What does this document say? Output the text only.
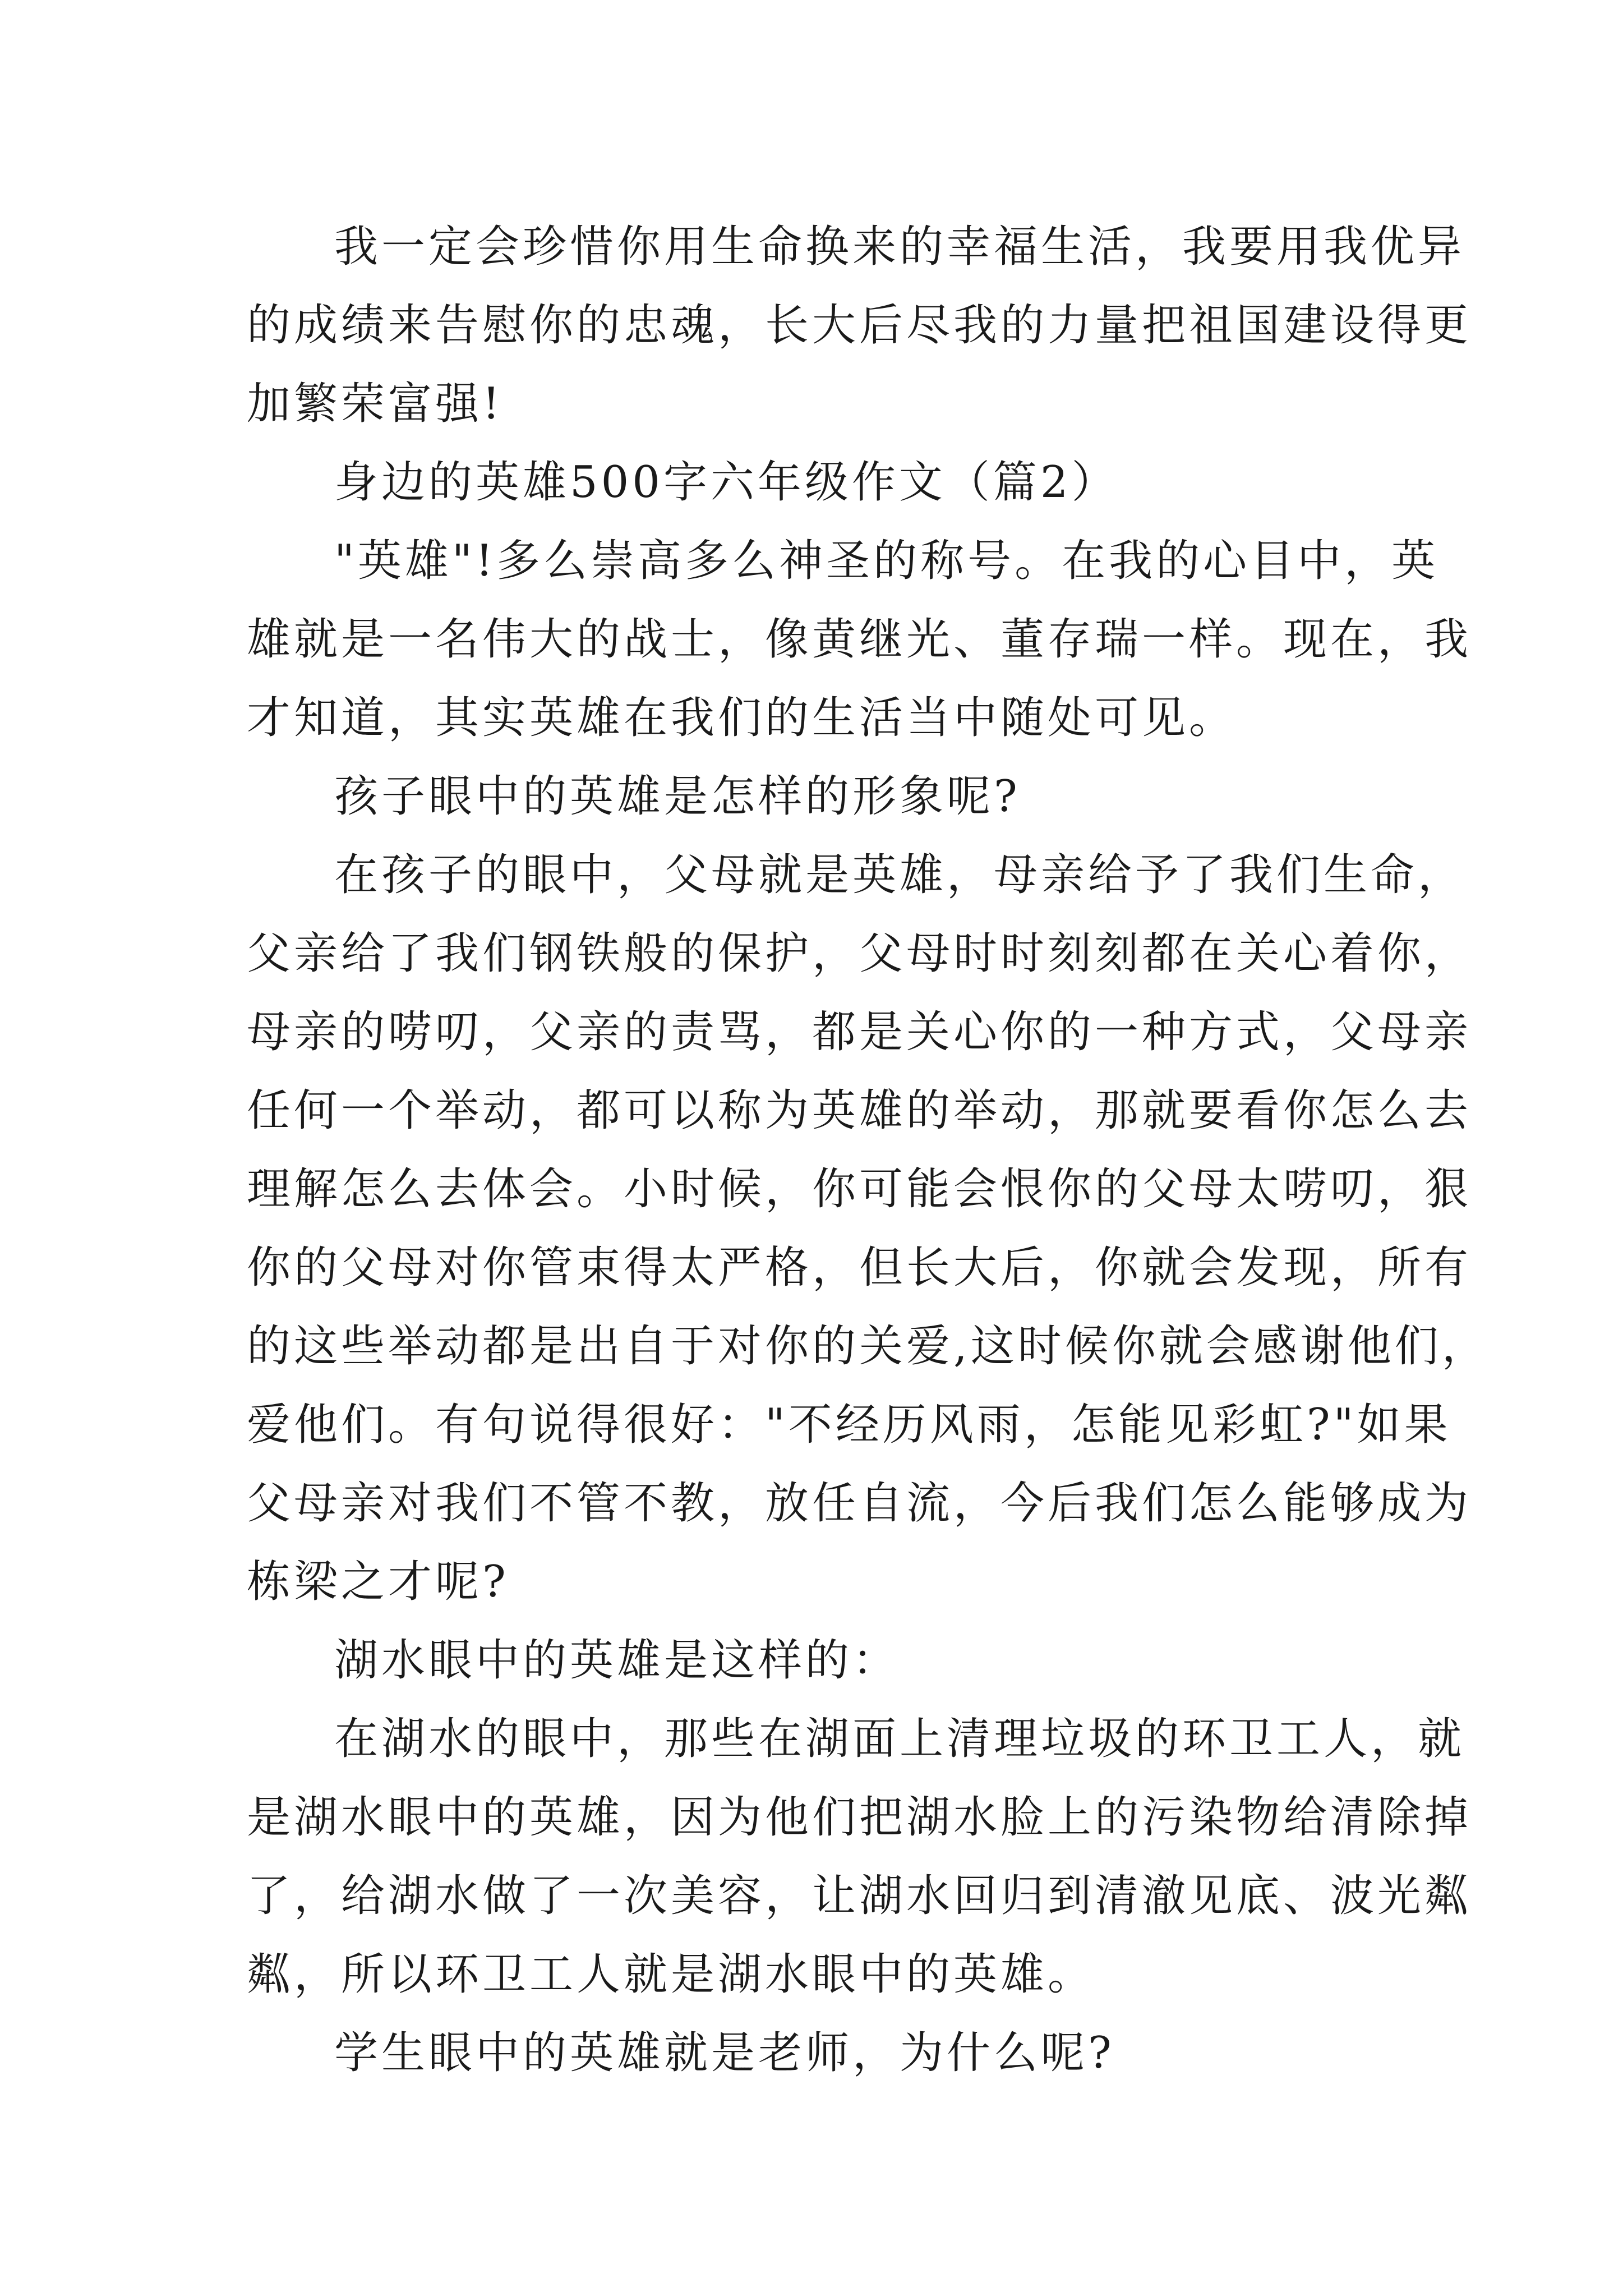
我一定会珍惜你用生命换来的幸福生活，我要用我优异
的成绩来告慰你的忠魂，长大后尽我的力量把祖国建设得更
加繁荣富强!

身边的英雄500字六年级作文（篇2）

"英雄"!多么崇高多么神圣的称号。在我的心目中，英
雄就是一名伟大的战士，像黄继光、董存瑞一样。现在，我
才知道，其实英雄在我们的生活当中随处可见。

孩子眼中的英雄是怎样的形象呢?

在孩子的眼中，父母就是英雄，母亲给予了我们生命，
父亲给了我们钢铁般的保护，父母时时刻刻都在关心着你，
母亲的唠叨，父亲的责骂，都是关心你的一种方式，父母亲
任何一个举动，都可以称为英雄的举动，那就要看你怎么去
理解怎么去体会。小时候，你可能会恨你的父母太唠叨，狠
你的父母对你管束得太严格，但长大后，你就会发现，所有
的这些举动都是出自于对你的关爱,这时候你就会感谢他们，
爱他们。有句说得很好："不经历风雨，怎能见彩虹?"如果
父母亲对我们不管不教，放任自流，今后我们怎么能够成为
栋梁之才呢?

湖水眼中的英雄是这样的：

在湖水的眼中，那些在湖面上清理垃圾的环卫工人，就
是湖水眼中的英雄，因为他们把湖水脸上的污染物给清除掉
了，给湖水做了一次美容，让湖水回归到清澈见底、波光粼
粼，所以环卫工人就是湖水眼中的英雄。

学生眼中的英雄就是老师，为什么呢?
